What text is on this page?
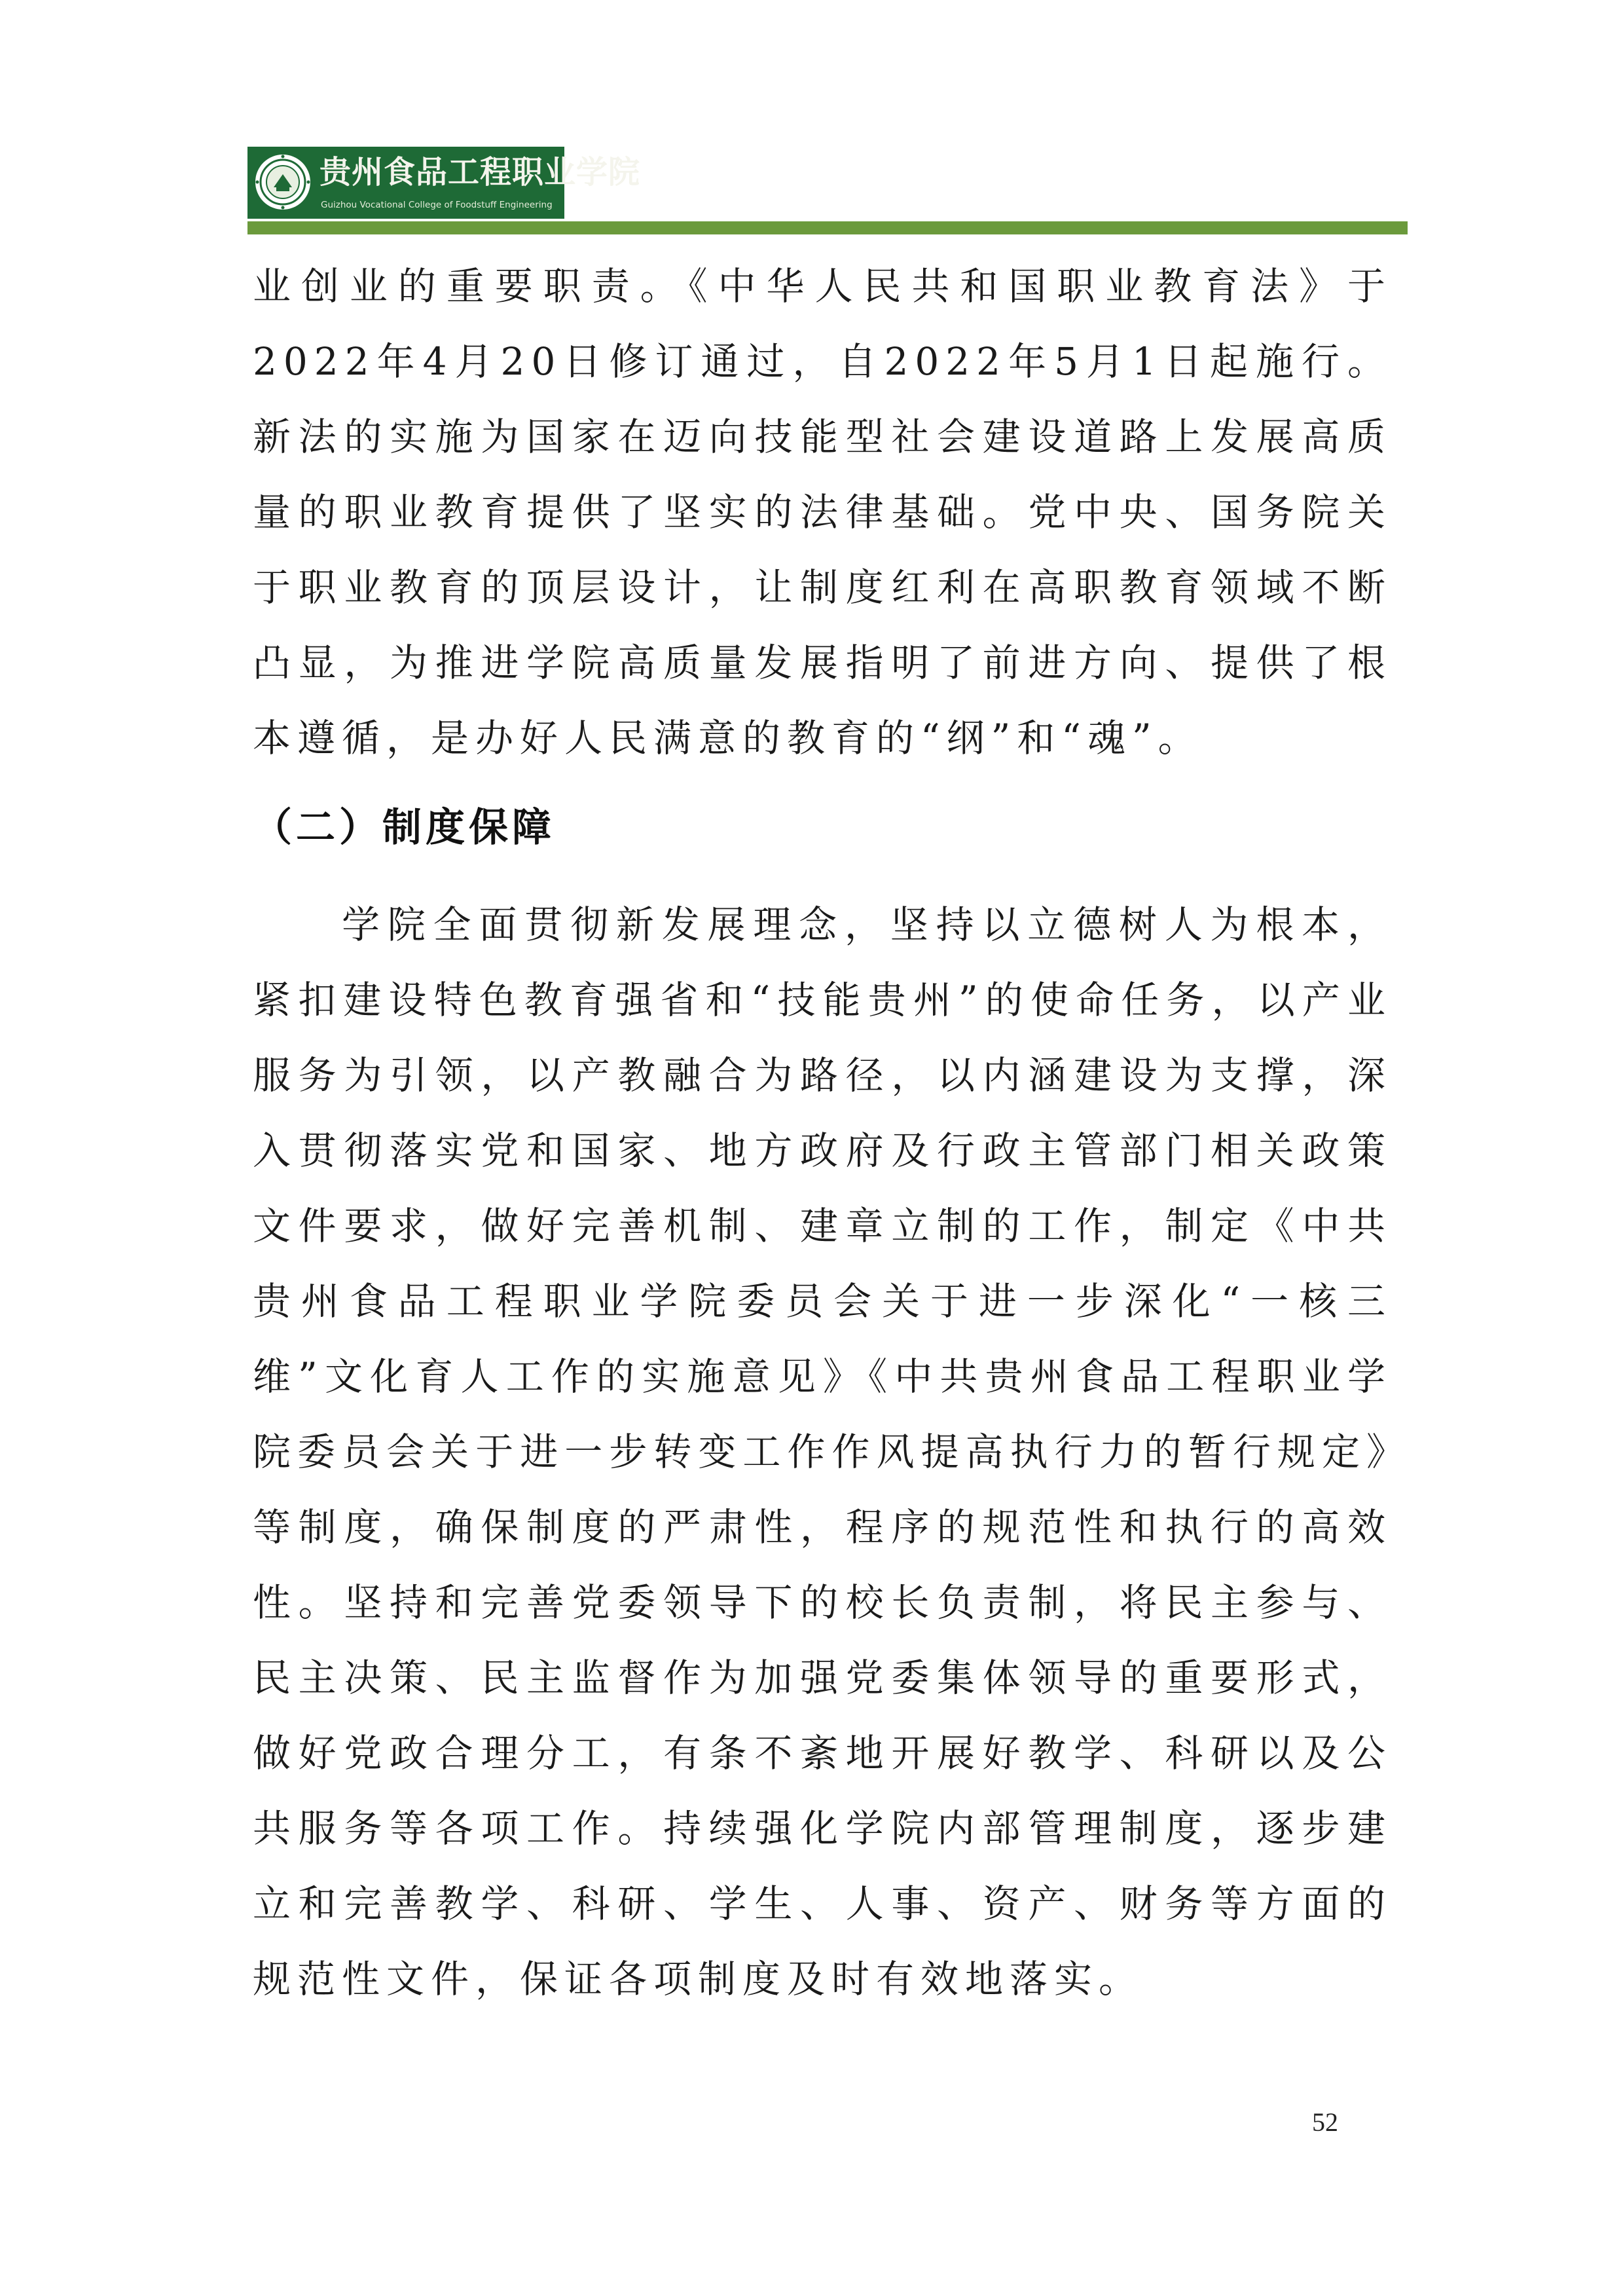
贵州食品工程职业学院
Guizhou Vocational College of Foodstuff Engineering

业创业的重要职责。《中华人民共和国职业教育法》于2022年4月20日修订通过，自2022年5月1日起施行。新法的实施为国家在迈向技能型社会建设道路上发展高质量的职业教育提供了坚实的法律基础。党中央、国务院关于职业教育的顶层设计，让制度红利在高职教育领域不断凸显，为推进学院高质量发展指明了前进方向、提供了根本遵循，是办好人民满意的教育的“纲”和“魂”。

（二）制度保障

学院全面贯彻新发展理念，坚持以立德树人为根本，紧扣建设特色教育强省和“技能贵州”的使命任务，以产业服务为引领，以产教融合为路径，以内涵建设为支撑，深入贯彻落实党和国家、地方政府及行政主管部门相关政策文件要求，做好完善机制、建章立制的工作，制定《中共贵州食品工程职业学院委员会关于进一步深化“一核三维”文化育人工作的实施意见》《中共贵州食品工程职业学院委员会关于进一步转变工作作风提高执行力的暂行规定》等制度，确保制度的严肃性，程序的规范性和执行的高效性。坚持和完善党委领导下的校长负责制，将民主参与、民主决策、民主监督作为加强党委集体领导的重要形式，做好党政合理分工，有条不紊地开展好教学、科研以及公共服务等各项工作。持续强化学院内部管理制度，逐步建立和完善教学、科研、学生、人事、资产、财务等方面的规范性文件，保证各项制度及时有效地落实。

52
